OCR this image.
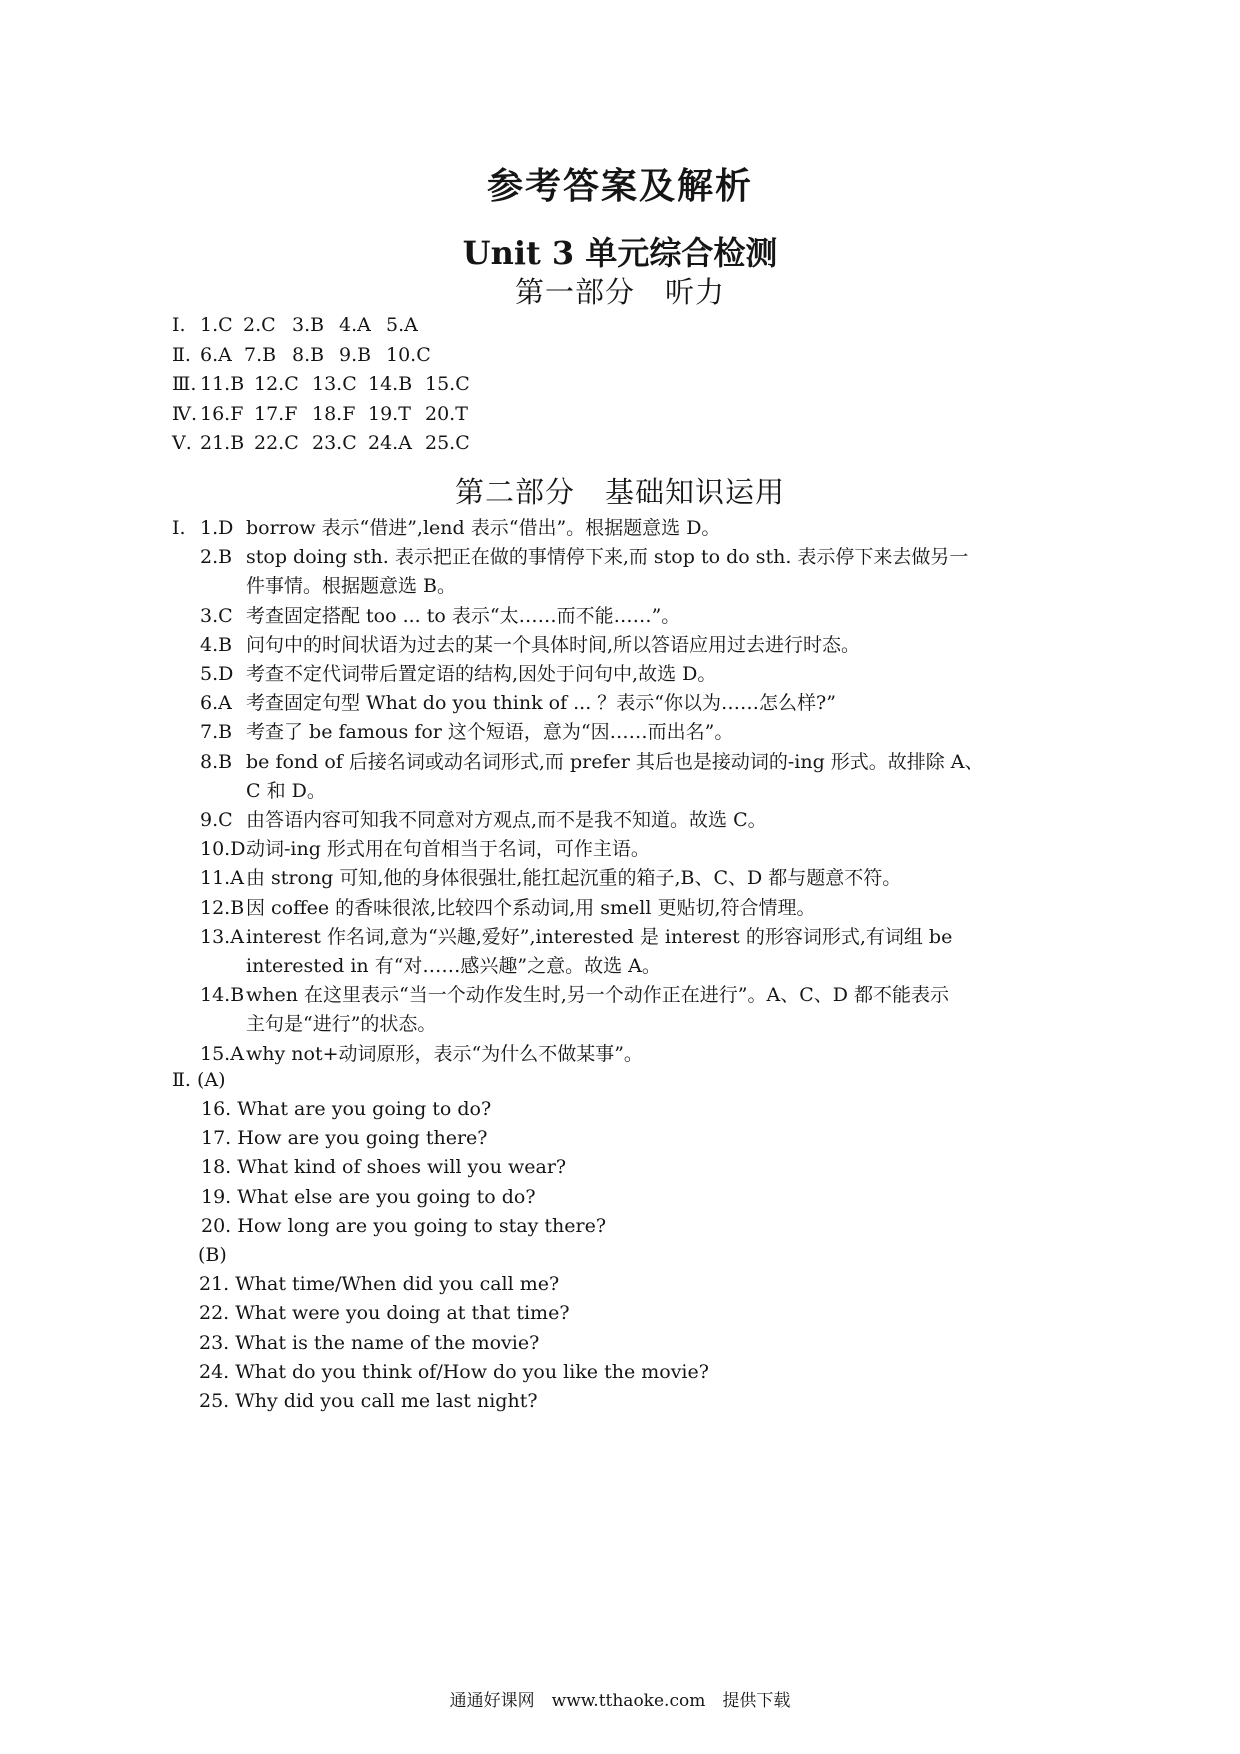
参考答案及解析
Unit 3 单元综合检测
第一部分　听力
Ⅰ. 1.C 2.C 3.B 4.A 5.A
Ⅱ. 6.A 7.B 8.B 9.B 10.C
Ⅲ. 11.B 12.C 13.C 14.B 15.C
Ⅳ. 16.F 17.F 18.F 19.T 20.T
Ⅴ. 21.B 22.C 23.C 24.A 25.C
第二部分　基础知识运用
Ⅰ. 1.D borrow 表示“借进”,lend 表示“借出”。根据题意选 D。
2.B stop doing sth. 表示把正在做的事情停下来,而 stop to do sth. 表示停下来去做另一
件事情。根据题意选 B。
3.C 考查固定搭配 too ... to 表示“太……而不能……”。
4.B 问句中的时间状语为过去的某一个具体时间,所以答语应用过去进行时态。
5.D 考查不定代词带后置定语的结构,因处于问句中,故选 D。
6.A 考查固定句型 What do you think of ... ？表示“你以为……怎么样?”
7.B 考查了 be famous for 这个短语，意为“因……而出名”。
8.B be fond of 后接名词或动名词形式,而 prefer 其后也是接动词的-ing 形式。故排除 A、
C 和 D。
9.C 由答语内容可知我不同意对方观点,而不是我不知道。故选 C。
10.D 动词-ing 形式用在句首相当于名词，可作主语。
11.A 由 strong 可知,他的身体很强壮,能扛起沉重的箱子,B、C、D 都与题意不符。
12.B 因 coffee 的香味很浓,比较四个系动词,用 smell 更贴切,符合情理。
13.A interest 作名词,意为“兴趣,爱好”,interested 是 interest 的形容词形式,有词组 be
interested in 有“对……感兴趣”之意。故选 A。
14.B when 在这里表示“当一个动作发生时,另一个动作正在进行”。A、C、D 都不能表示
主句是“进行”的状态。
15.A why not+动词原形，表示“为什么不做某事”。
Ⅱ. (A)
16. What are you going to do?
17. How are you going there?
18. What kind of shoes will you wear?
19. What else are you going to do?
20. How long are you going to stay there?
(B)
21. What time/When did you call me?
22. What were you doing at that time?
23. What is the name of the movie?
24. What do you think of/How do you like the movie?
25. Why did you call me last night?
通通好课网　www.tthaoke.com　提供下载
